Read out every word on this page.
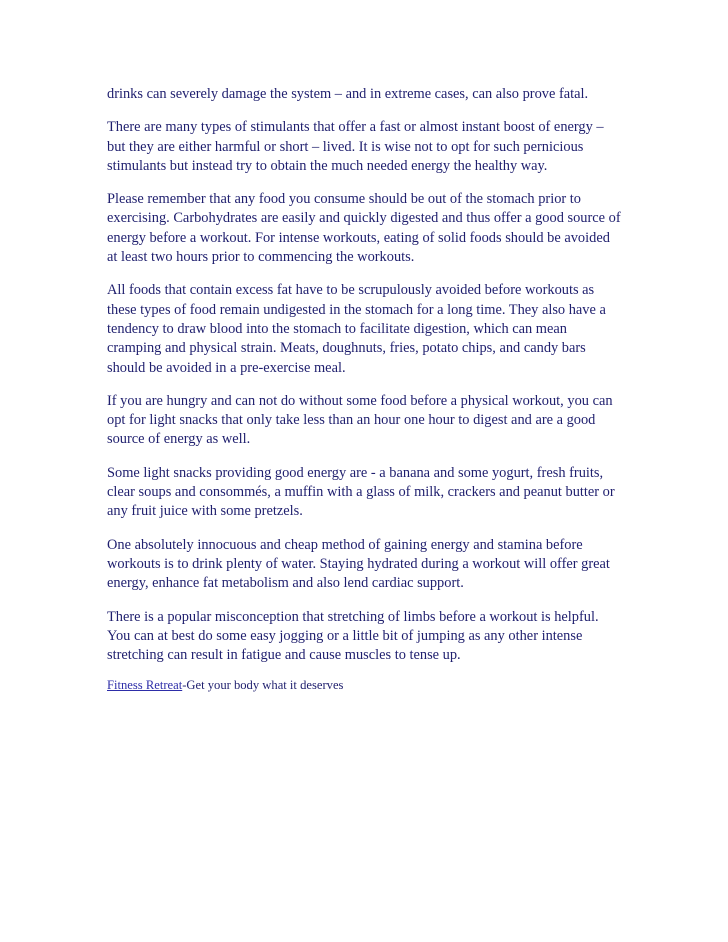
drinks can severely damage the system – and in extreme cases, can also prove fatal.

There are many types of stimulants that offer a fast or almost instant boost of energy – but they are either harmful or short – lived. It is wise not to opt for such pernicious stimulants but instead try to obtain the much needed energy the healthy way.

Please remember that any food you consume should be out of the stomach prior to exercising. Carbohydrates are easily and quickly digested and thus offer a good source of energy before a workout. For intense workouts, eating of solid foods should be avoided at least two hours prior to commencing the workouts.

All foods that contain excess fat have to be scrupulously avoided before workouts as these types of food remain undigested in the stomach for a long time. They also have a tendency to draw blood into the stomach to facilitate digestion, which can mean cramping and physical strain. Meats, doughnuts, fries, potato chips, and candy bars should be avoided in a pre-exercise meal.

If you are hungry and can not do without some food before a physical workout, you can opt for light snacks that only take less than an hour one hour to digest and are a good source of energy as well.

Some light snacks providing good energy are - a banana and some yogurt, fresh fruits, clear soups and consommés, a muffin with a glass of milk, crackers and peanut butter or any fruit juice with some pretzels.

One absolutely innocuous and cheap method of gaining energy and stamina before workouts is to drink plenty of water. Staying hydrated during a workout will offer great energy, enhance fat metabolism and also lend cardiac support.

There is a popular misconception that stretching of limbs before a workout is helpful. You can at best do some easy jogging or a little bit of jumping as any other intense stretching can result in fatigue and cause muscles to tense up.

Fitness Retreat-Get your body what it deserves
